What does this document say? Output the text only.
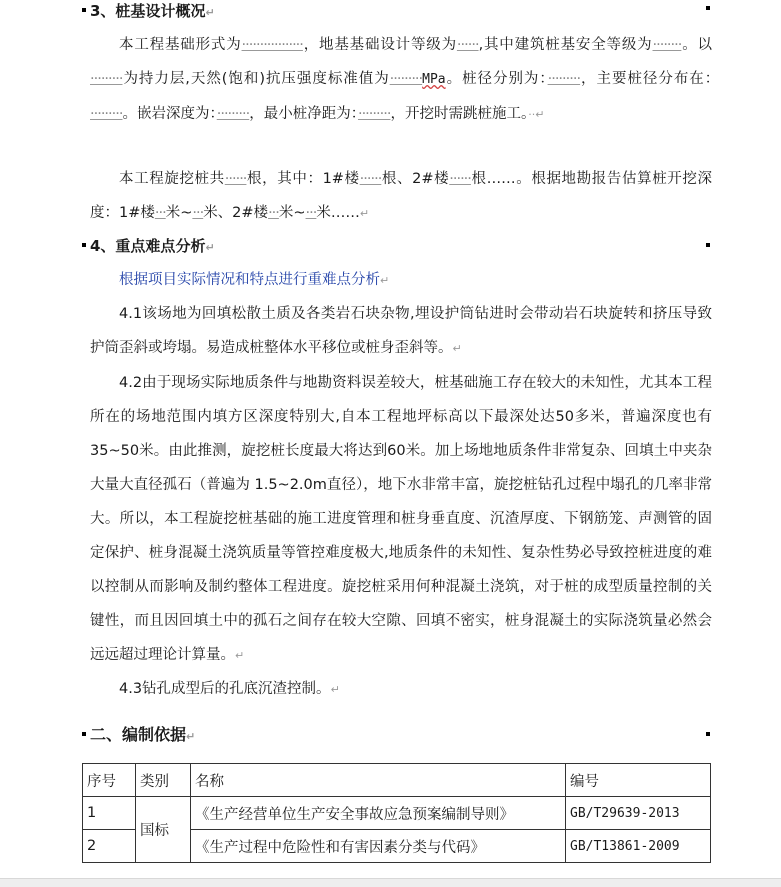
3、桩基设计概况↵
本工程基础形式为·················，地基基础设计等级为······,其中建筑桩基安全等级为········。以·········为持力层,天然(饱和)抗压强度标准值为·········MPa。桩径分别为：·········，主要桩径分布在：·········。嵌岩深度为：·········，最小桩净距为：·········，开挖时需跳桩施工。··↵
本工程旋挖桩共······根，其中：1#楼······根、2#楼······根……。根据地勘报告估算桩开挖深度：1#楼···米~···米、2#楼···米~···米……↵
4、重点难点分析↵
根据项目实际情况和特点进行重难点分析↵
4.1该场地为回填松散土质及各类岩石块杂物,埋设护筒钻进时会带动岩石块旋转和挤压导致护筒歪斜或垮塌。易造成桩整体水平移位或桩身歪斜等。↵
4.2由于现场实际地质条件与地勘资料误差较大，桩基础施工存在较大的未知性，尤其本工程所在的场地范围内填方区深度特别大,自本工程地坪标高以下最深处达50多米，普遍深度也有 35~50米。由此推测，旋挖桩长度最大将达到60米。加上场地地质条件非常复杂、回填土中夹杂大量大直径孤石（普遍为 1.5~2.0m直径），地下水非常丰富，旋挖桩钻孔过程中塌孔的几率非常大。所以，本工程旋挖桩基础的施工进度管理和桩身垂直度、沉渣厚度、下钢筋笼、声测管的固定保护、桩身混凝土浇筑质量等管控难度极大,地质条件的未知性、复杂性势必导致控桩进度的难以控制从而影响及制约整体工程进度。旋挖桩采用何种混凝土浇筑，对于桩的成型质量控制的关键性，而且因回填土中的孤石之间存在较大空隙、回填不密实，桩身混凝土的实际浇筑量必然会远远超过理论计算量。↵
4.3钻孔成型后的孔底沉渣控制。↵
二、编制依据↵
序号	类别	名称	编号
1	国标	《生产经营单位生产安全事故应急预案编制导则》	GB/T29639-2013
2		《生产过程中危险性和有害因素分类与代码》	GB/T13861-2009
